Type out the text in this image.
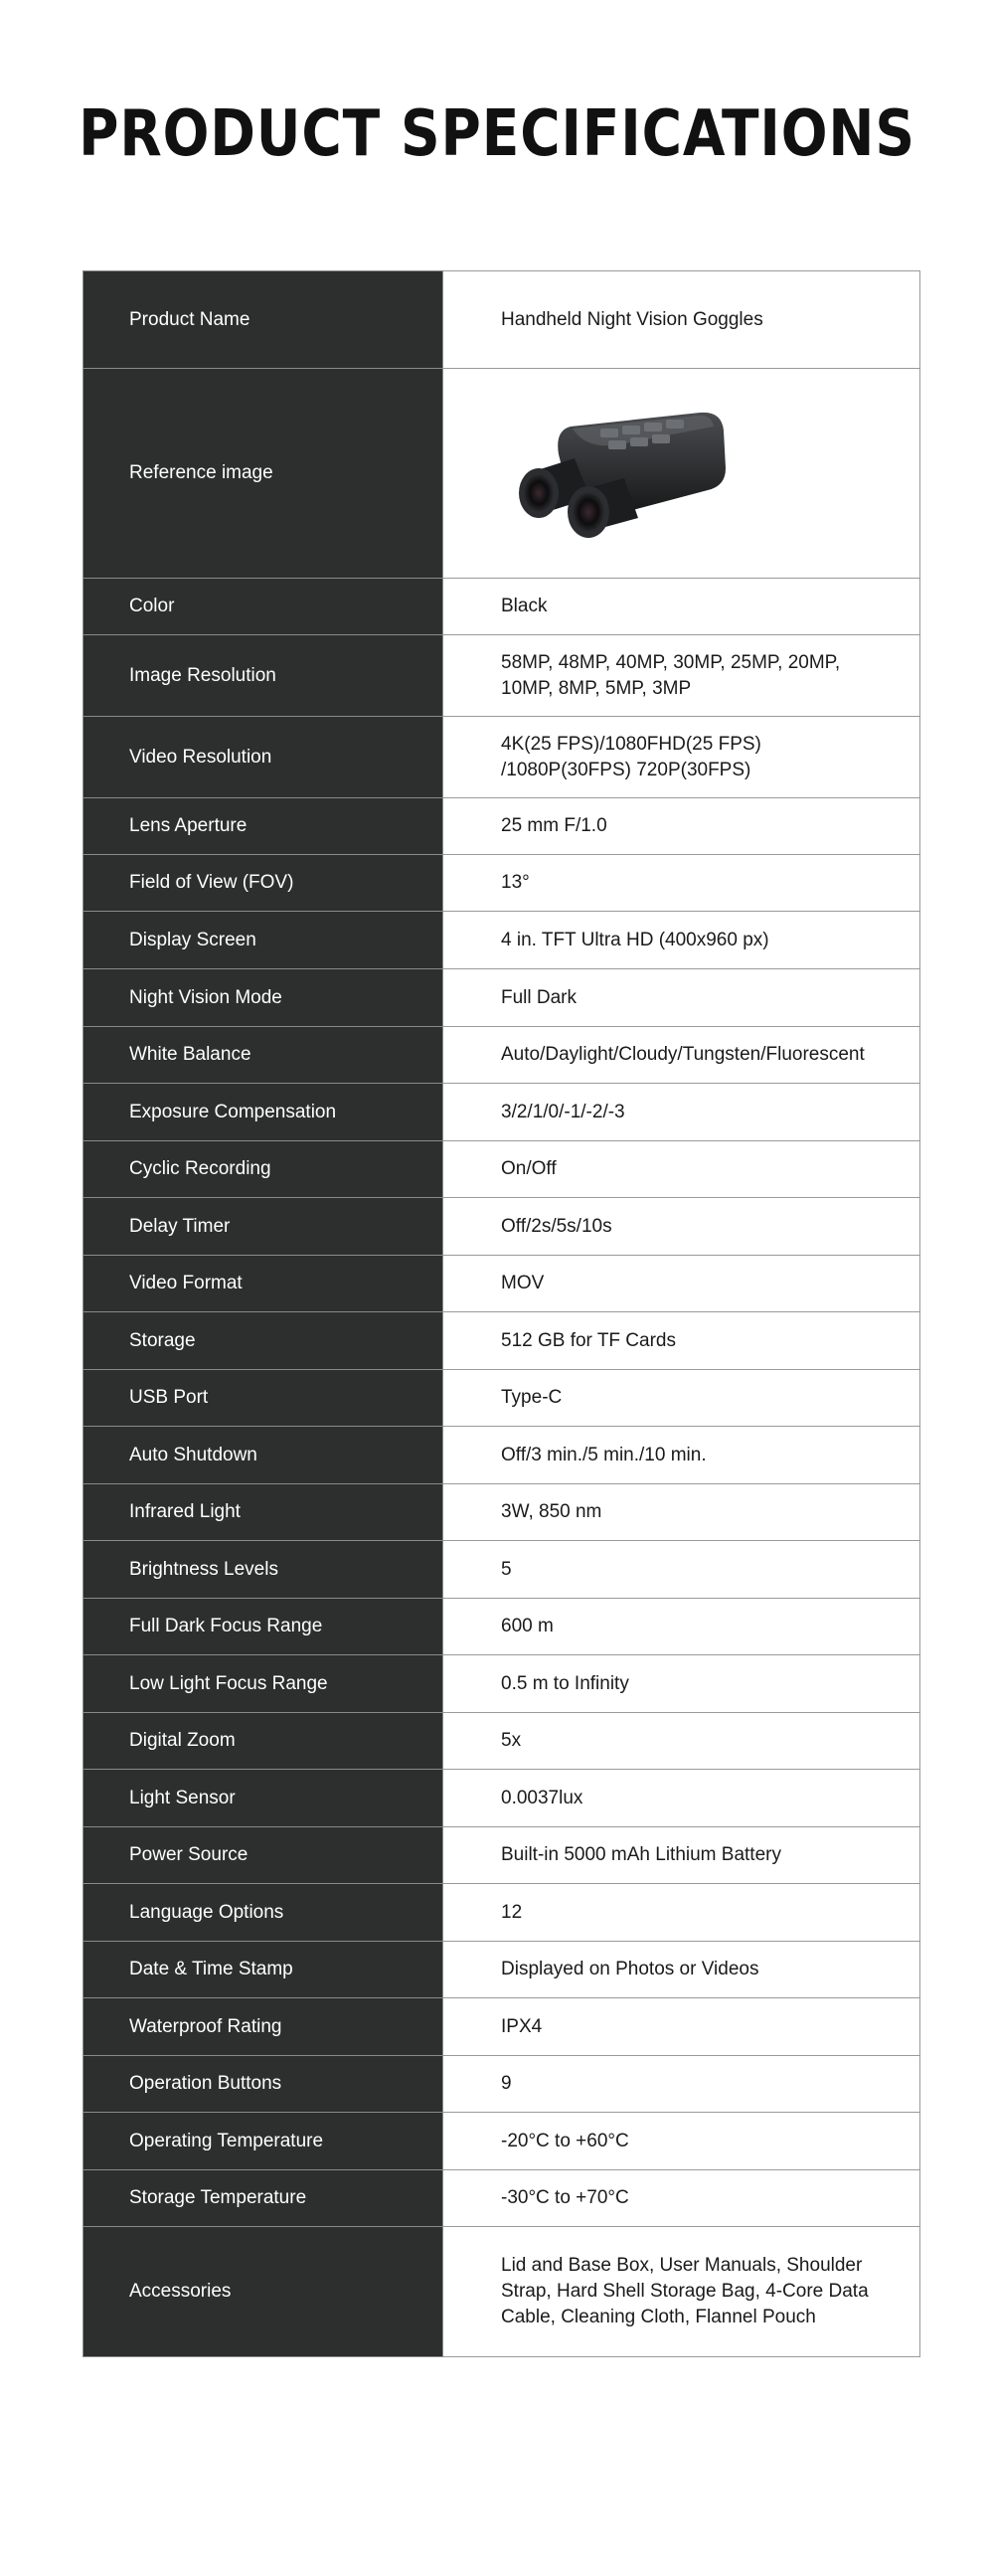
PRODUCT SPECIFICATIONS
Product Name	Handheld Night Vision Goggles
Reference image	

Color	Black
Image Resolution	58MP, 48MP, 40MP, 30MP, 25MP, 20MP, 10MP, 8MP, 5MP, 3MP
Video Resolution	4K(25 FPS)/1080FHD(25 FPS) /1080P(30FPS) 720P(30FPS)
Lens Aperture	25 mm F/1.0
Field of View (FOV)	13°
Display Screen	4 in. TFT Ultra HD (400x960 px)
Night Vision Mode	Full Dark
White Balance	Auto/Daylight/Cloudy/Tungsten/Fluorescent
Exposure Compensation	3/2/1/0/-1/-2/-3
Cyclic Recording	On/Off
Delay Timer	Off/2s/5s/10s
Video Format	MOV
Storage	512 GB for TF Cards
USB Port	Type-C
Auto Shutdown	Off/3 min./5 min./10 min.
Infrared Light	3W, 850 nm
Brightness Levels	5
Full Dark Focus Range	600 m
Low Light Focus Range	0.5 m to Infinity
Digital Zoom	5x
Light Sensor	0.0037lux
Power Source	Built-in 5000 mAh Lithium Battery
Language Options	12
Date & Time Stamp	Displayed on Photos or Videos
Waterproof Rating	IPX4
Operation Buttons	9
Operating Temperature	-20°C to +60°C
Storage Temperature	-30°C to +70°C
Accessories	Lid and Base Box, User Manuals, Shoulder Strap, Hard Shell Storage Bag, 4-Core Data Cable, Cleaning Cloth, Flannel Pouch
